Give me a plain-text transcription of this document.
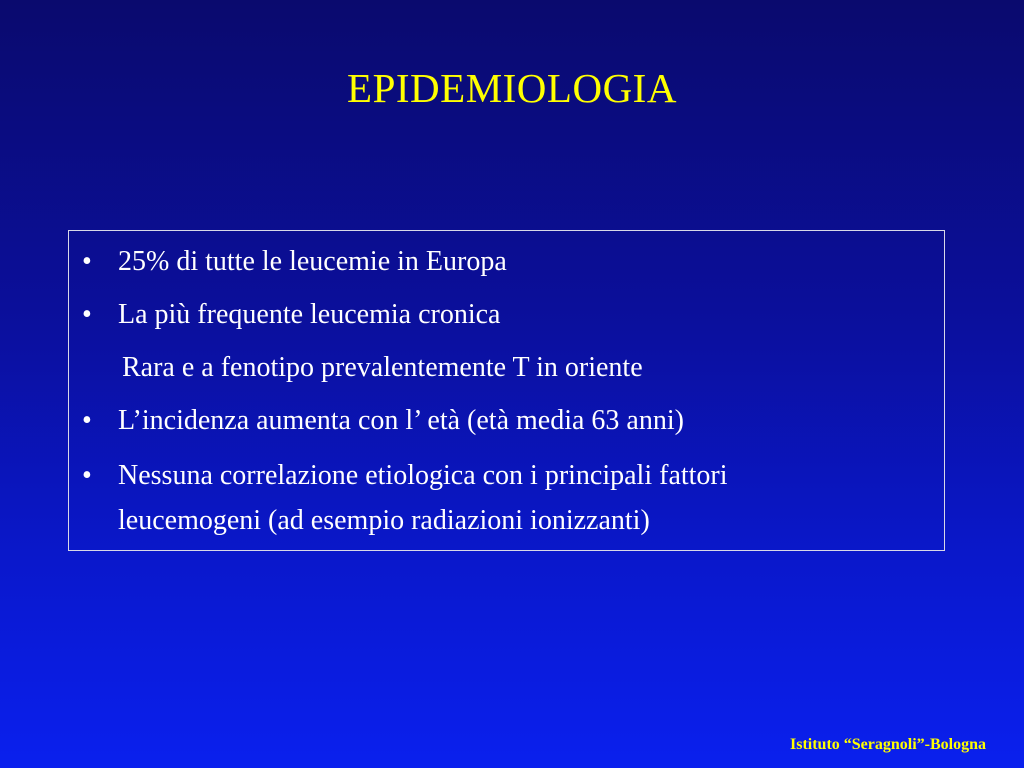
EPIDEMIOLOGIA
• 25% di tutte le leucemie in Europa
• La più frequente leucemia cronica
Rara e a fenotipo prevalentemente T in oriente
• L’incidenza aumenta con l’ età (età media 63 anni)
• Nessuna correlazione etiologica con i principali fattori
leucemogeni (ad esempio radiazioni ionizzanti)
Istituto “Seragnoli”-Bologna
